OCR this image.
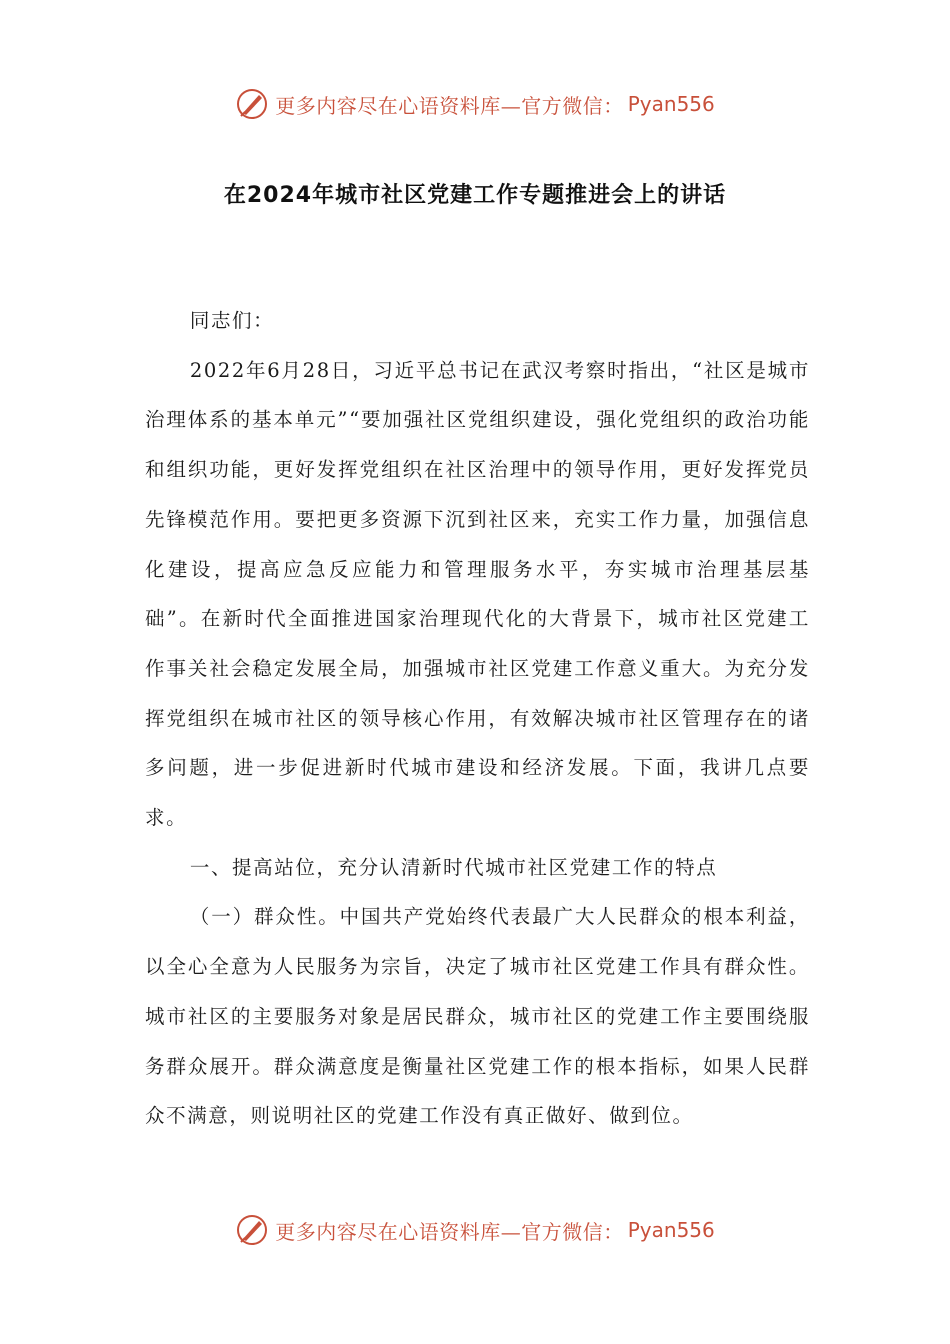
更多内容尽在心语资料库—官方微信： Pyan556
在2024年城市社区党建工作专题推进会上的讲话

同志们：

2022年6月28日，习近平总书记在武汉考察时指出，“社区是城市治理体系的基本单元”“要加强社区党组织建设，强化党组织的政治功能和组织功能，更好发挥党组织在社区治理中的领导作用，更好发挥党员先锋模范作用。要把更多资源下沉到社区来，充实工作力量，加强信息化建设，提高应急反应能力和管理服务水平，夯实城市治理基层基础”。在新时代全面推进国家治理现代化的大背景下，城市社区党建工作事关社会稳定发展全局，加强城市社区党建工作意义重大。为充分发挥党组织在城市社区的领导核心作用，有效解决城市社区管理存在的诸多问题，进一步促进新时代城市建设和经济发展。下面，我讲几点要求。

一、提高站位，充分认清新时代城市社区党建工作的特点

（一）群众性。中国共产党始终代表最广大人民群众的根本利益，以全心全意为人民服务为宗旨，决定了城市社区党建工作具有群众性。城市社区的主要服务对象是居民群众，城市社区的党建工作主要围绕服务群众展开。群众满意度是衡量社区党建工作的根本指标，如果人民群众不满意，则说明社区的党建工作没有真正做好、做到位。

更多内容尽在心语资料库—官方微信： Pyan556
